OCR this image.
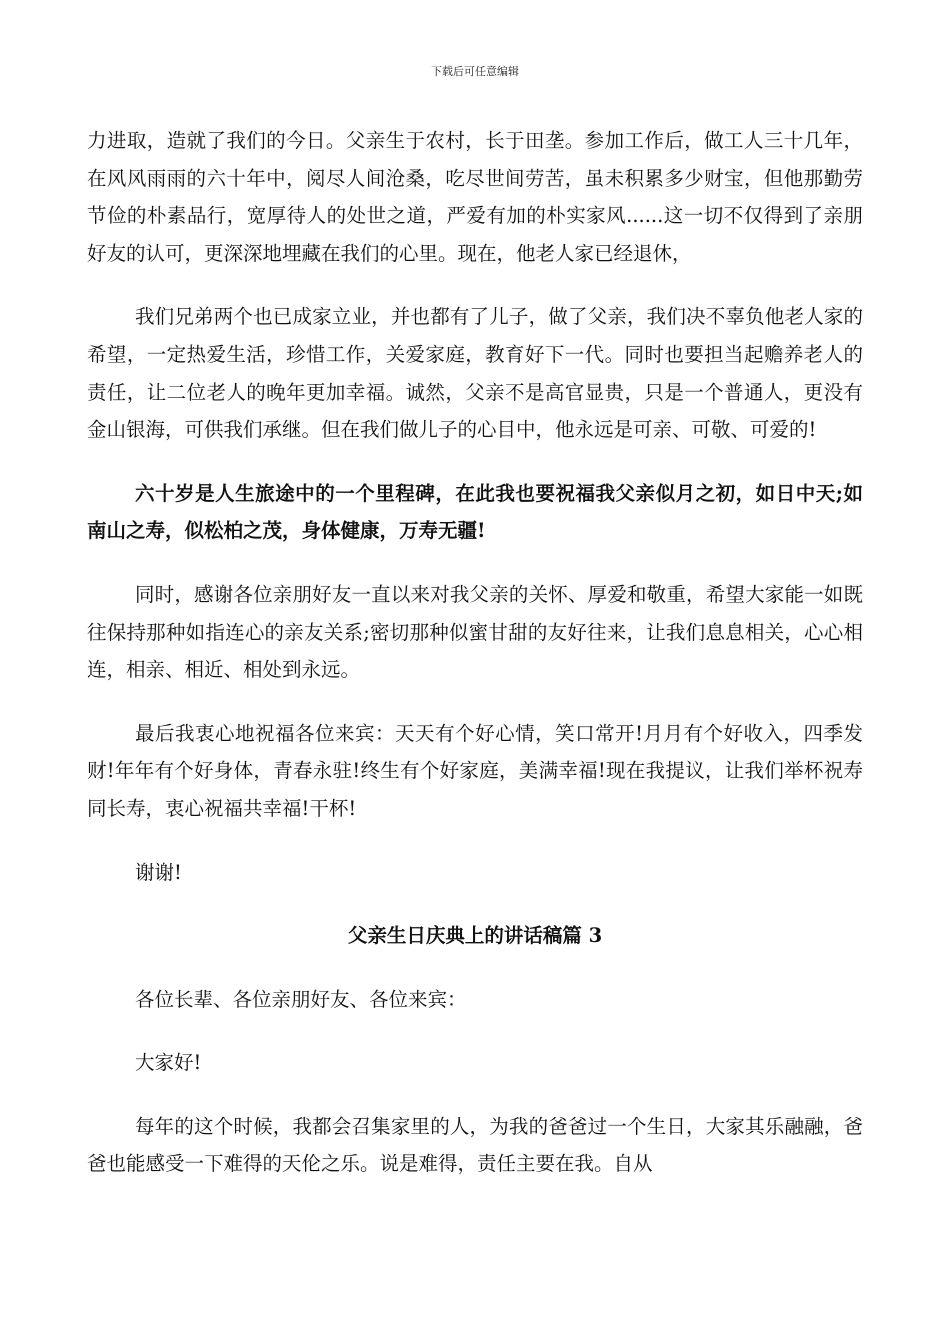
下载后可任意编辑

力进取，造就了我们的今日。父亲生于农村，长于田垄。参加工作后，做工人三十几年，在风风雨雨的六十年中，阅尽人间沧桑，吃尽世间劳苦，虽未积累多少财宝，但他那勤劳节俭的朴素品行，宽厚待人的处世之道，严爱有加的朴实家风......这一切不仅得到了亲朋好友的认可，更深深地埋藏在我们的心里。现在，他老人家已经退休，

我们兄弟两个也已成家立业，并也都有了儿子，做了父亲，我们决不辜负他老人家的希望，一定热爱生活，珍惜工作，关爱家庭，教育好下一代。同时也要担当起赡养老人的责任，让二位老人的晚年更加幸福。诚然，父亲不是高官显贵，只是一个普通人，更没有金山银海，可供我们承继。但在我们做儿子的心目中，他永远是可亲、可敬、可爱的!

六十岁是人生旅途中的一个里程碑，在此我也要祝福我父亲似月之初，如日中天;如南山之寿，似松柏之茂，身体健康，万寿无疆!

同时，感谢各位亲朋好友一直以来对我父亲的关怀、厚爱和敬重，希望大家能一如既往保持那种如指连心的亲友关系;密切那种似蜜甘甜的友好往来，让我们息息相关，心心相连，相亲、相近、相处到永远。

最后我衷心地祝福各位来宾：天天有个好心情，笑口常开!月月有个好收入，四季发财!年年有个好身体，青春永驻!终生有个好家庭，美满幸福!现在我提议，让我们举杯祝寿同长寿，衷心祝福共幸福!干杯!

谢谢!

父亲生日庆典上的讲话稿篇 3

各位长辈、各位亲朋好友、各位来宾：

大家好!

每年的这个时候，我都会召集家里的人，为我的爸爸过一个生日，大家其乐融融，爸爸也能感受一下难得的天伦之乐。说是难得，责任主要在我。自从
